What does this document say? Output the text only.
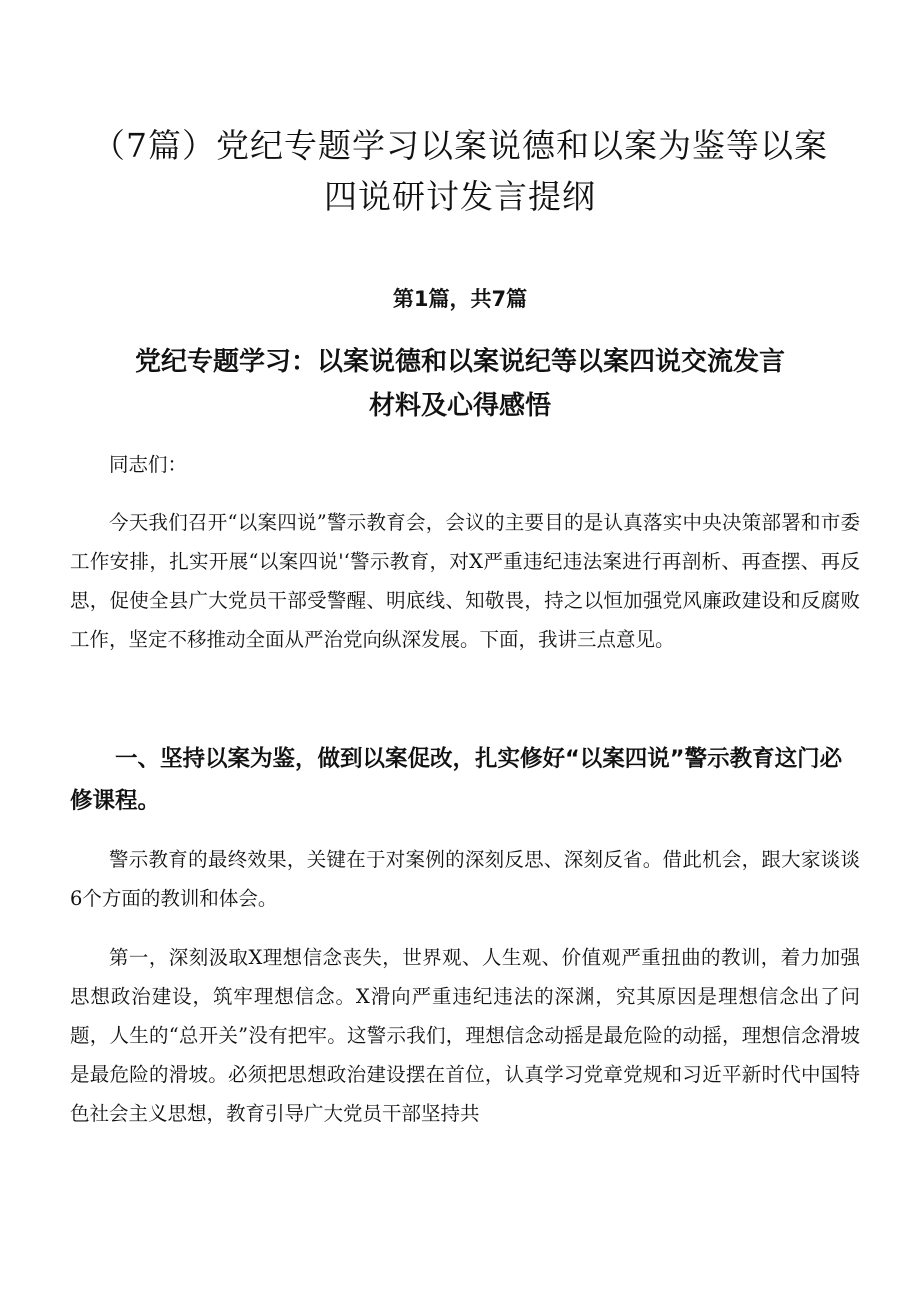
（7篇）党纪专题学习以案说德和以案为鉴等以案
四说研讨发言提纲
第1篇，共7篇
党纪专题学习：以案说德和以案说纪等以案四说交流发言
材料及心得感悟

同志们：

今天我们召开“以案四说”警示教育会，会议的主要目的是认真落实中央决策部署和市委工作安排，扎实开展“以案四说'‘警示教育，对X严重违纪违法案进行再剖析、再查摆、再反思，促使全县广大党员干部受警醒、明底线、知敬畏，持之以恒加强党风廉政建设和反腐败工作，坚定不移推动全面从严治党向纵深发展。下面，我讲三点意见。

一、坚持以案为鉴，做到以案促改，扎实修好“以案四说”警示教育这门必修课程。

警示教育的最终效果，关键在于对案例的深刻反思、深刻反省。借此机会，跟大家谈谈6个方面的教训和体会。

第一，深刻汲取X理想信念丧失，世界观、人生观、价值观严重扭曲的教训，着力加强思想政治建设，筑牢理想信念。X滑向严重违纪违法的深渊，究其原因是理想信念出了问题，人生的“总开关”没有把牢。这警示我们，理想信念动摇是最危险的动摇，理想信念滑坡是最危险的滑坡。必须把思想政治建设摆在首位，认真学习党章党规和习近平新时代中国特色社会主义思想，教育引导广大党员干部坚持共
